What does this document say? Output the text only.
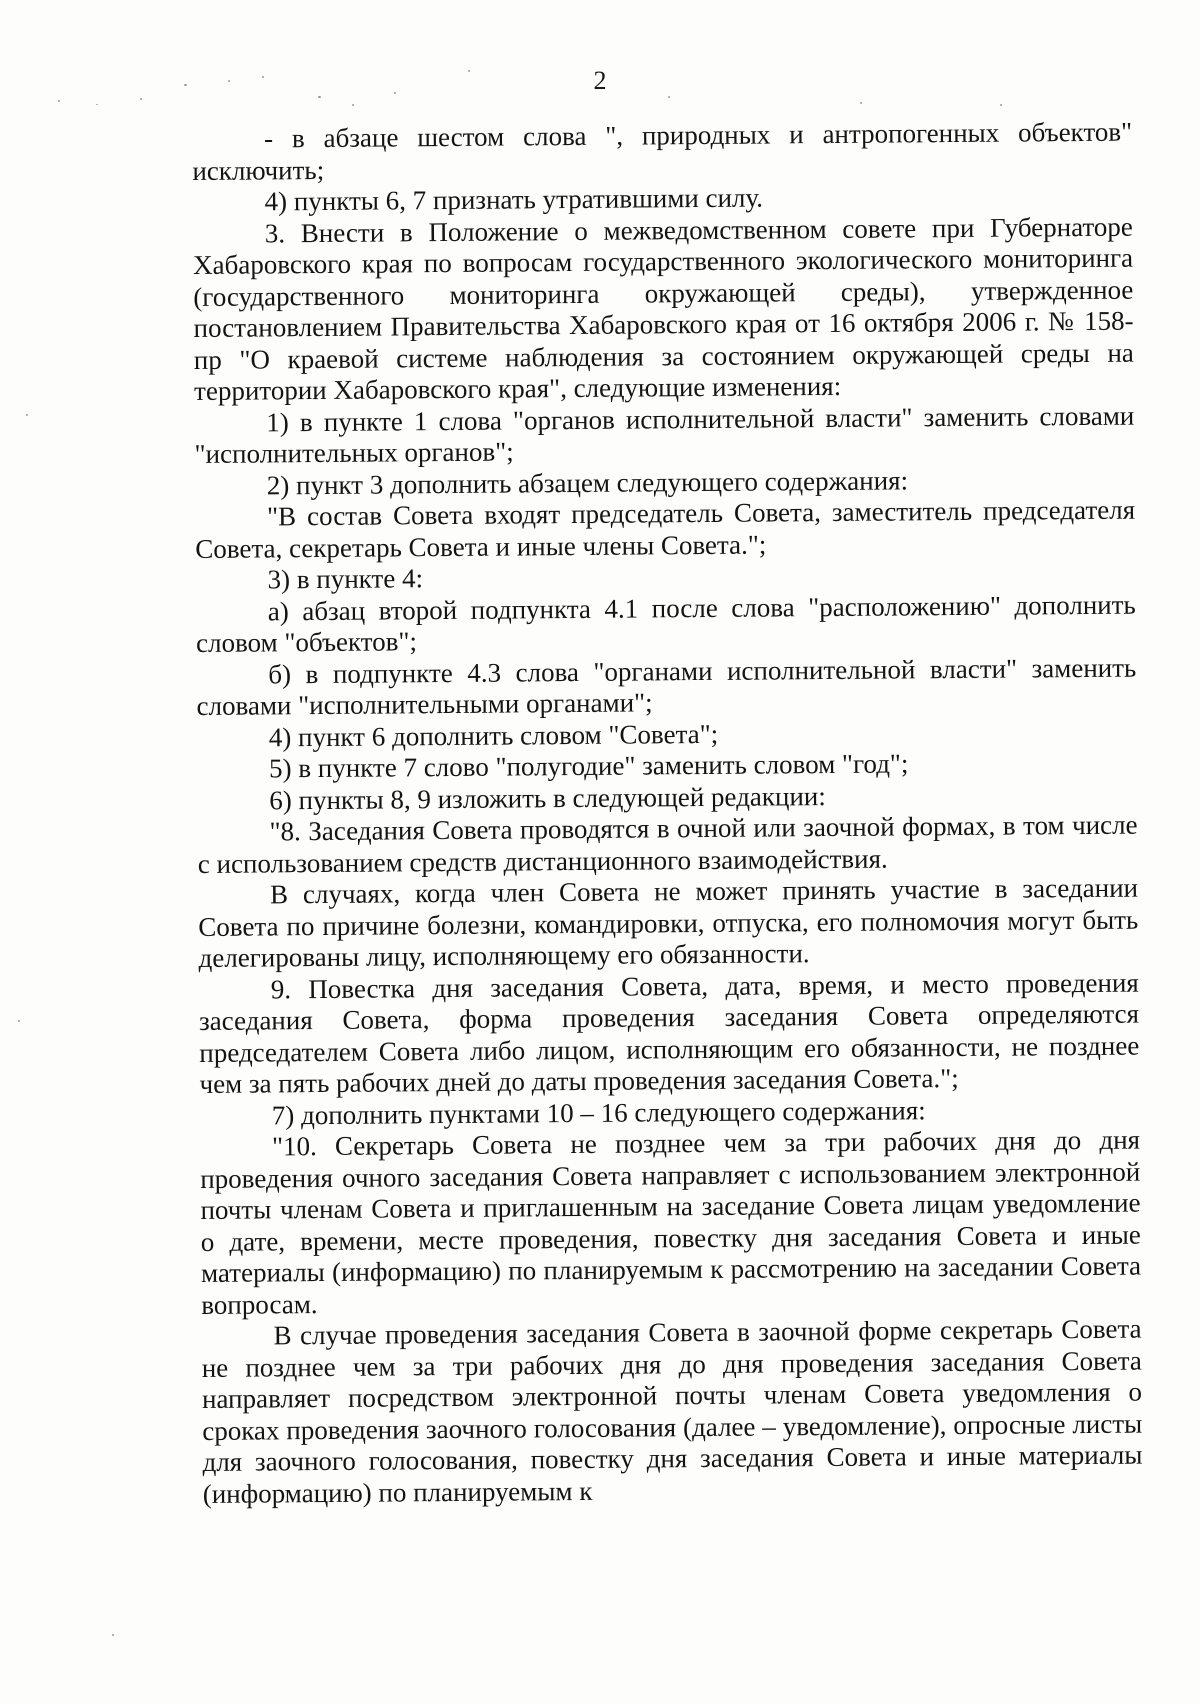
2

- в абзаце шестом слова ", природных и антропогенных объектов" исключить;

4) пункты 6, 7 признать утратившими силу.

3. Внести в Положение о межведомственном совете при Губернаторе Хабаровского края по вопросам государственного экологического мониторинга (государственного мониторинга окружающей среды), утвержденное постановлением Правительства Хабаровского края от 16 октября 2006 г. № 158-пр "О краевой системе наблюдения за состоянием окружающей среды на территории Хабаровского края", следующие изменения:

1) в пункте 1 слова "органов исполнительной власти" заменить словами "исполнительных органов";

2) пункт 3 дополнить абзацем следующего содержания:

"В состав Совета входят председатель Совета, заместитель председателя Совета, секретарь Совета и иные члены Совета.";

3) в пункте 4:

а) абзац второй подпункта 4.1 после слова "расположению" дополнить словом "объектов";

б) в подпункте 4.3 слова "органами исполнительной власти" заменить словами "исполнительными органами";

4) пункт 6 дополнить словом "Совета";

5) в пункте 7 слово "полугодие" заменить словом "год";

6) пункты 8, 9 изложить в следующей редакции:

"8. Заседания Совета проводятся в очной или заочной формах, в том числе с использованием средств дистанционного взаимодействия.

В случаях, когда член Совета не может принять участие в заседании Совета по причине болезни, командировки, отпуска, его полномочия могут быть делегированы лицу, исполняющему его обязанности.

9. Повестка дня заседания Совета, дата, время, и место проведения заседания Совета, форма проведения заседания Совета определяются председателем Совета либо лицом, исполняющим его обязанности, не позднее чем за пять рабочих дней до даты проведения заседания Совета.";

7) дополнить пунктами 10 – 16 следующего содержания:

"10. Секретарь Совета не позднее чем за три рабочих дня до дня проведения очного заседания Совета направляет с использованием электронной почты членам Совета и приглашенным на заседание Совета лицам уведомление о дате, времени, месте проведения, повестку дня заседания Совета и иные материалы (информацию) по планируемым к рассмотрению на заседании Совета вопросам.

В случае проведения заседания Совета в заочной форме секретарь Совета не позднее чем за три рабочих дня до дня проведения заседания Совета направляет посредством электронной почты членам Совета уведомления о сроках проведения заочного голосования (далее – уведомление), опросные листы для заочного голосования, повестку дня заседания Совета и иные материалы (информацию) по планируемым к
